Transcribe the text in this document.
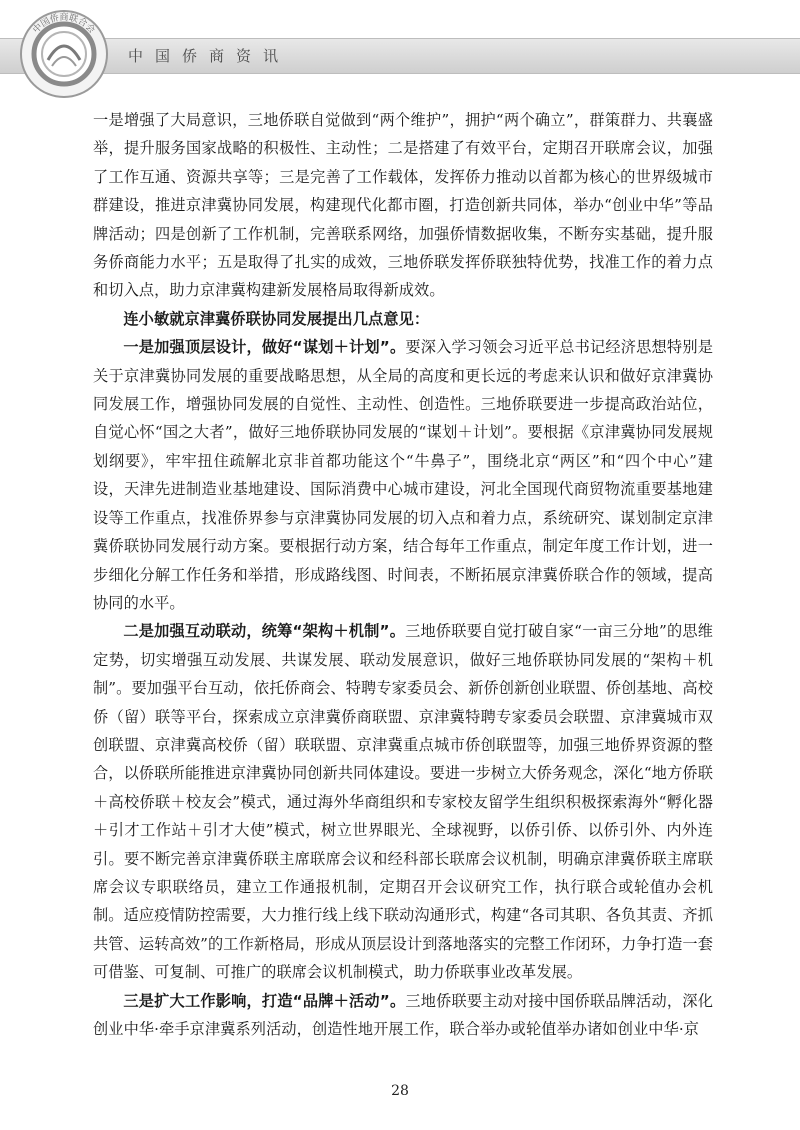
中国侨商资讯
中国侨商联合会

一是增强了大局意识，三地侨联自觉做到“两个维护”，拥护“两个确立”，群策群力、共襄盛举，提升服务国家战略的积极性、主动性；二是搭建了有效平台，定期召开联席会议，加强了工作互通、资源共享等；三是完善了工作载体，发挥侨力推动以首都为核心的世界级城市群建设，推进京津冀协同发展，构建现代化都市圈，打造创新共同体，举办“创业中华”等品牌活动；四是创新了工作机制，完善联系网络，加强侨情数据收集，不断夯实基础，提升服务侨商能力水平；五是取得了扎实的成效，三地侨联发挥侨联独特优势，找准工作的着力点和切入点，助力京津冀构建新发展格局取得新成效。

连小敏就京津冀侨联协同发展提出几点意见：

一是加强顶层设计，做好“谋划＋计划”。要深入学习领会习近平总书记经济思想特别是关于京津冀协同发展的重要战略思想，从全局的高度和更长远的考虑来认识和做好京津冀协同发展工作，增强协同发展的自觉性、主动性、创造性。三地侨联要进一步提高政治站位，自觉心怀“国之大者”，做好三地侨联协同发展的“谋划＋计划”。要根据《京津冀协同发展规划纲要》，牢牢扭住疏解北京非首都功能这个“牛鼻子”，围绕北京“两区”和“四个中心”建设，天津先进制造业基地建设、国际消费中心城市建设，河北全国现代商贸物流重要基地建设等工作重点，找准侨界参与京津冀协同发展的切入点和着力点，系统研究、谋划制定京津冀侨联协同发展行动方案。要根据行动方案，结合每年工作重点，制定年度工作计划，进一步细化分解工作任务和举措，形成路线图、时间表，不断拓展京津冀侨联合作的领域，提高协同的水平。

二是加强互动联动，统筹“架构＋机制”。三地侨联要自觉打破自家“一亩三分地”的思维定势，切实增强互动发展、共谋发展、联动发展意识，做好三地侨联协同发展的“架构＋机制”。要加强平台互动，依托侨商会、特聘专家委员会、新侨创新创业联盟、侨创基地、高校侨（留）联等平台，探索成立京津冀侨商联盟、京津冀特聘专家委员会联盟、京津冀城市双创联盟、京津冀高校侨（留）联联盟、京津冀重点城市侨创联盟等，加强三地侨界资源的整合，以侨联所能推进京津冀协同创新共同体建设。要进一步树立大侨务观念，深化“地方侨联＋高校侨联＋校友会”模式，通过海外华商组织和专家校友留学生组织积极探索海外“孵化器＋引才工作站＋引才大使”模式，树立世界眼光、全球视野，以侨引侨、以侨引外、内外连引。要不断完善京津冀侨联主席联席会议和经科部长联席会议机制，明确京津冀侨联主席联席会议专职联络员，建立工作通报机制，定期召开会议研究工作，执行联合或轮值办会机制。适应疫情防控需要，大力推行线上线下联动沟通形式，构建“各司其职、各负其责、齐抓共管、运转高效”的工作新格局，形成从顶层设计到落地落实的完整工作闭环，力争打造一套可借鉴、可复制、可推广的联席会议机制模式，助力侨联事业改革发展。

三是扩大工作影响，打造“品牌＋活动”。三地侨联要主动对接中国侨联品牌活动，深化创业中华·牵手京津冀系列活动，创造性地开展工作，联合举办或轮值举办诸如创业中华·京

28
